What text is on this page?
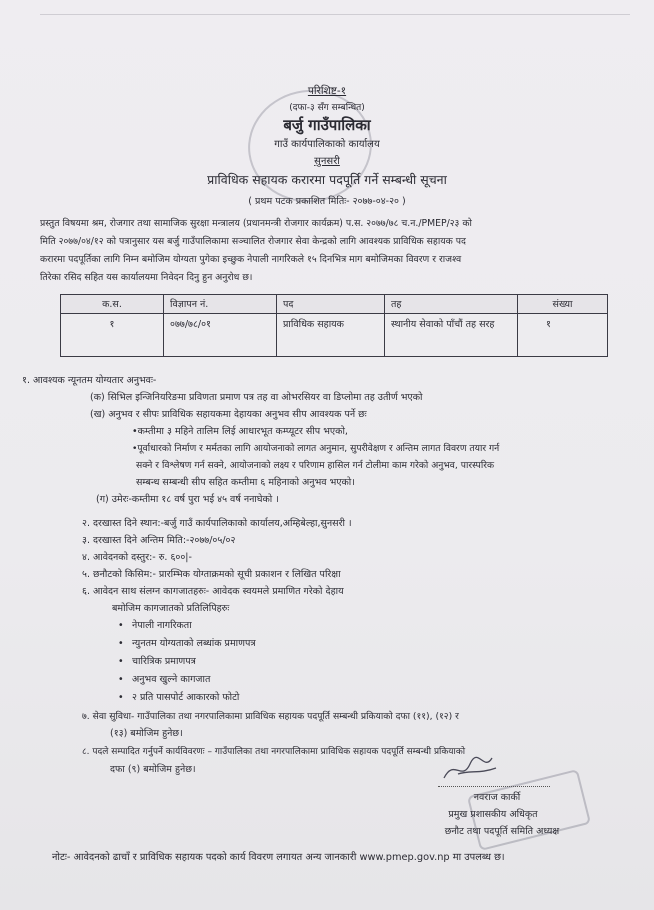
परिशिष्ट-१
(दफा-३ सँग सम्बन्धित)
बर्जु गाउँपालिका
गाउँ कार्यपालिकाको कार्यालय
सुनसरी
प्राविधिक सहायक करारमा पदपूर्ति गर्ने सम्बन्धी सूचना
( प्रथम पटक प्रकाशित मितिः- २०७७-०४-२० )
प्रस्तुत विषयमा श्रम, रोजगार तथा सामाजिक सुरक्षा मन्त्रालय (प्रधानमन्त्री रोजगार कार्यक्रम) प.स. २०७७/७८ च.न./PMEP/२३ को
मिति २०७७/०४/१२ को पत्रानुसार यस बर्जु गाउँपालिकामा सञ्चालित रोजगार सेवा केन्द्रको लागि आवश्यक प्राविधिक सहायक पद
करारमा पदपूर्तिका लागि निम्न बमोजिम योग्यता पुगेका इच्छुक नेपाली नागरिकले १५ दिनभित्र माग बमोजिमका विवरण र राजश्व
तिरेका रसिद सहित यस कार्यालयमा निवेदन दिनु हुन अनुरोध छ।
क.स.	विज्ञापन नं.	पद	तह	संख्या
१	०७७/७८/०१	प्राविधिक सहायक	स्थानीय सेवाको पाँचौं तह सरह	१
१. आवश्यक न्यूनतम योग्यतार अनुभवः-
(क) सिभिल इन्जिनियरिङमा प्रविणता प्रमाण पत्र तह वा ओभरसियर वा डिप्लोमा तह उतीर्ण भएको
(ख) अनुभव र सीपः प्राविधिक सहायकमा देहायका अनुभव सीप आवश्यक पर्ने छः
•कम्तीमा ३ महिने तालिम लिई आधारभूत कम्प्यूटर सीप भएको,
•पूर्वाधारको निर्माण र मर्मतका लागि आयोजनाको लागत अनुमान, सुपरीवेक्षण र अन्तिम लागत विवरण तयार गर्न
सक्ने र विश्लेषण गर्न सक्ने, आयोजनाको लक्ष्य र परिणाम हासिल गर्न टोलीमा काम गरेको अनुभव, पारस्परिक
सम्बन्ध सम्बन्धी सीप सहित कम्तीमा ६ महिनाको अनुभव भएको।
(ग) उमेरः-कम्तीमा १८ वर्ष पुरा भई ४५ वर्ष ननाघेको ।
२. दरखास्त दिने स्थान:-बर्जु गाउँ कार्यपालिकाको कार्यालय,अम्हिबेल्हा,सुनसरी ।
३. दरखास्त दिने अन्तिम मिति:-२०७७/०५/०२
४. आवेदनको दस्तुर:- रु. ६००|-
५. छनौटको किसिम:- प्रारम्भिक योग्ताक्रमको सूची प्रकाशन र लिखित परिक्षा
६. आवेदन साथ संलग्न कागजातहरुः- आवेदक स्वयमले प्रमाणित गरेको देहाय
बमोजिम कागजातको प्रतिलिपिहरुः
• नेपाली नागरिकता
• न्युनतम योग्यताको लब्धांक प्रमाणपत्र
• चारित्रिक प्रमाणपत्र
• अनुभव खुल्ने कागजात
• २ प्रति पासपोर्ट आकारको फोटो
७. सेवा सुविधा- गाउँपालिका तथा नगरपालिकामा प्राविधिक सहायक पदपूर्ति सम्बन्धी प्रकियाको दफा (११), (१२) र
(१३) बमोजिम हुनेछ।
८. पदले सम्पादित गर्नुपर्ने कार्यविवरणः – गाउँपालिका तथा नगरपालिकामा प्राविधिक सहायक पदपूर्ति सम्बन्धी प्रकियाको
दफा (९) बमोजिम हुनेछ।
नवराज कार्की
प्रमुख प्रशासकीय अधिकृत
छनौट तथा पदपूर्ति समिति अध्यक्ष
नोटः- आवेदनको ढाचाँ र प्राविधिक सहायक पदको कार्य विवरण लगायत अन्य जानकारी www.pmep.gov.np मा उपलब्ध छ।
